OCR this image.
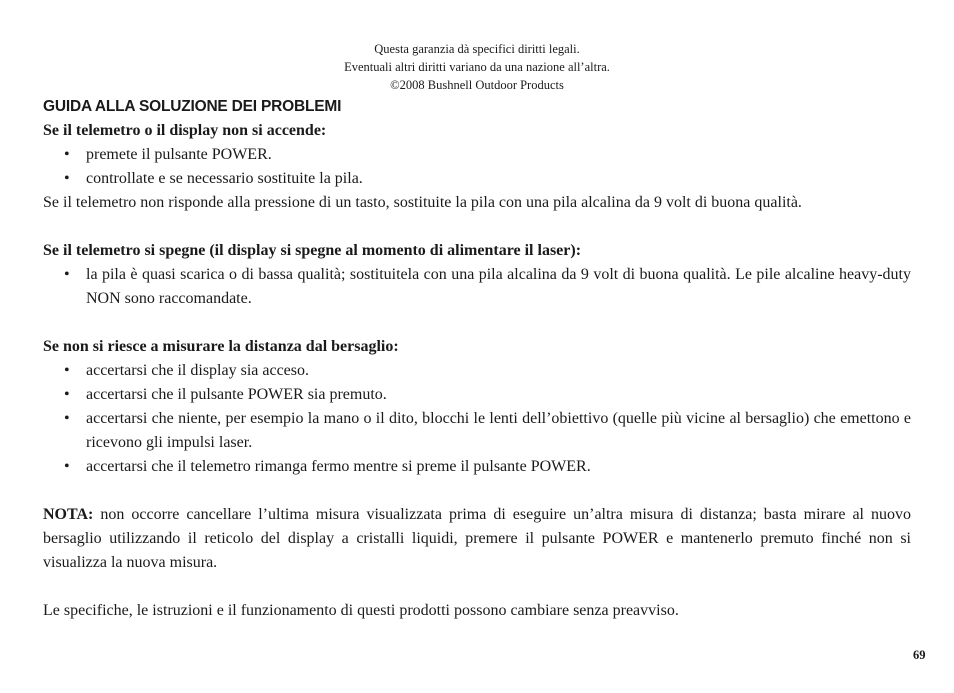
Questa garanzia dà specifici diritti legali.
Eventuali altri diritti variano da una nazione all’altra.
©2008 Bushnell Outdoor Products
GUIDA ALLA SOLUZIONE DEI PROBLEMI
Se il telemetro o il display non si accende:
• premete il pulsante POWER.
• controllate e se necessario sostituite la pila.

Se il telemetro non risponde alla pressione di un tasto, sostituite la pila con una pila alcalina da 9 volt di buona qualità.

Se il telemetro si spegne (il display si spegne al momento di alimentare il laser):
• la pila è quasi scarica o di bassa qualità; sostituitela con una pila alcalina da 9 volt di buona qualità. Le pile alcaline heavy-duty NON sono raccomandate.
Se non si riesce a misurare la distanza dal bersaglio:
• accertarsi che il display sia acceso.
• accertarsi che il pulsante POWER sia premuto.
• accertarsi che niente, per esempio la mano o il dito, blocchi le lenti dell’obiettivo (quelle più vicine al bersaglio) che emettono e ricevono gli impulsi laser.
• accertarsi che il telemetro rimanga fermo mentre si preme il pulsante POWER.

NOTA: non occorre cancellare l’ultima misura visualizzata prima di eseguire un’altra misura di distanza; basta mirare al nuovo bersaglio utilizzando il reticolo del display a cristalli liquidi, premere il pulsante POWER e mantenerlo premuto finché non si visualizza la nuova misura.

Le specifiche, le istruzioni e il funzionamento di questi prodotti possono cambiare senza preavviso.

69
